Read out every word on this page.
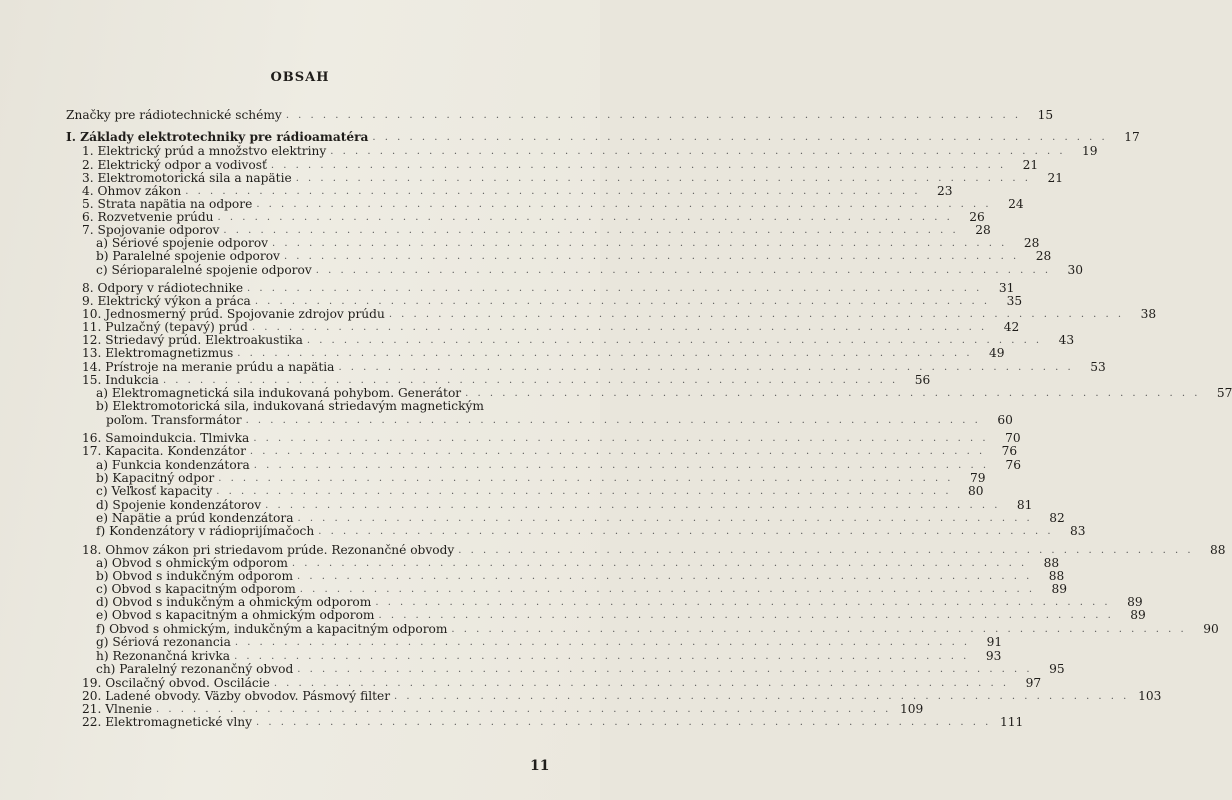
OBSAH
Značky pre rádiotechnické schémy . . . . . . . . . . . . . . . . . . . . . . . . . . . . . . . . . . . . . . . . . . . . . . . . . . . . . . . . . . . .	15
I. Základy elektrotechniky pre rádioamatéra . . . . . . . . . . . . . . . . . . . . . . . . . . . . . . . . . . . . . . . . . . . . . . . . . . . . . . . . . . . .	17
1. Elektrický prúd a množstvo elektriny . . . . . . . . . . . . . . . . . . . . . . . . . . . . . . . . . . . . . . . . . . . . . . . . . . . . . . . . . . . .	19
2. Elektrický odpor a vodivosť . . . . . . . . . . . . . . . . . . . . . . . . . . . . . . . . . . . . . . . . . . . . . . . . . . . . . . . . . . . .	21
3. Elektromotorická sila a napätie . . . . . . . . . . . . . . . . . . . . . . . . . . . . . . . . . . . . . . . . . . . . . . . . . . . . . . . . . . . .	21
4. Ohmov zákon . . . . . . . . . . . . . . . . . . . . . . . . . . . . . . . . . . . . . . . . . . . . . . . . . . . . . . . . . . . .	23
5. Strata napätia na odpore . . . . . . . . . . . . . . . . . . . . . . . . . . . . . . . . . . . . . . . . . . . . . . . . . . . . . . . . . . . .	24
6. Rozvetvenie prúdu . . . . . . . . . . . . . . . . . . . . . . . . . . . . . . . . . . . . . . . . . . . . . . . . . . . . . . . . . . . .	26
7. Spojovanie odporov . . . . . . . . . . . . . . . . . . . . . . . . . . . . . . . . . . . . . . . . . . . . . . . . . . . . . . . . . . . .	28
a) Sériové spojenie odporov . . . . . . . . . . . . . . . . . . . . . . . . . . . . . . . . . . . . . . . . . . . . . . . . . . . . . . . . . . . .	28
b) Paralelné spojenie odporov . . . . . . . . . . . . . . . . . . . . . . . . . . . . . . . . . . . . . . . . . . . . . . . . . . . . . . . . . . . .	28
c) Sérioparalelné spojenie odporov . . . . . . . . . . . . . . . . . . . . . . . . . . . . . . . . . . . . . . . . . . . . . . . . . . . . . . . . . . . .	30
8. Odpory v rádiotechnike . . . . . . . . . . . . . . . . . . . . . . . . . . . . . . . . . . . . . . . . . . . . . . . . . . . . . . . . . . . .	31
9. Elektrický výkon a práca . . . . . . . . . . . . . . . . . . . . . . . . . . . . . . . . . . . . . . . . . . . . . . . . . . . . . . . . . . . .	35
10. Jednosmerný prúd. Spojovanie zdrojov prúdu . . . . . . . . . . . . . . . . . . . . . . . . . . . . . . . . . . . . . . . . . . . . . . . . . . . . . . . . . . . .	38
11. Pulzačný (tepavý) prúd . . . . . . . . . . . . . . . . . . . . . . . . . . . . . . . . . . . . . . . . . . . . . . . . . . . . . . . . . . . .	42
12. Striedavý prúd. Elektroakustika . . . . . . . . . . . . . . . . . . . . . . . . . . . . . . . . . . . . . . . . . . . . . . . . . . . . . . . . . . . .	43
13. Elektromagnetizmus . . . . . . . . . . . . . . . . . . . . . . . . . . . . . . . . . . . . . . . . . . . . . . . . . . . . . . . . . . . .	49
14. Prístroje na meranie prúdu a napätia . . . . . . . . . . . . . . . . . . . . . . . . . . . . . . . . . . . . . . . . . . . . . . . . . . . . . . . . . . . .	53
15. Indukcia . . . . . . . . . . . . . . . . . . . . . . . . . . . . . . . . . . . . . . . . . . . . . . . . . . . . . . . . . . . .	56
a) Elektromagnetická sila indukovaná pohybom. Generátor . . . . . . . . . . . . . . . . . . . . . . . . . . . . . . . . . . . . . . . . . . . . . . . . . . . . . . . . . . . .	57
b) Elektromotorická sila, indukovaná striedavým magnetickým
poľom. Transformátor . . . . . . . . . . . . . . . . . . . . . . . . . . . . . . . . . . . . . . . . . . . . . . . . . . . . . . . . . . . .	60
16. Samoindukcia. Tlmivka . . . . . . . . . . . . . . . . . . . . . . . . . . . . . . . . . . . . . . . . . . . . . . . . . . . . . . . . . . . .	70
17. Kapacita. Kondenzátor . . . . . . . . . . . . . . . . . . . . . . . . . . . . . . . . . . . . . . . . . . . . . . . . . . . . . . . . . . . .	76
a) Funkcia kondenzátora . . . . . . . . . . . . . . . . . . . . . . . . . . . . . . . . . . . . . . . . . . . . . . . . . . . . . . . . . . . .	76
b) Kapacitný odpor . . . . . . . . . . . . . . . . . . . . . . . . . . . . . . . . . . . . . . . . . . . . . . . . . . . . . . . . . . . .	79
c) Veľkosť kapacity . . . . . . . . . . . . . . . . . . . . . . . . . . . . . . . . . . . . . . . . . . . . . . . . . . . . . . . . . . . .	80
d) Spojenie kondenzátorov . . . . . . . . . . . . . . . . . . . . . . . . . . . . . . . . . . . . . . . . . . . . . . . . . . . . . . . . . . . .	81
e) Napätie a prúd kondenzátora . . . . . . . . . . . . . . . . . . . . . . . . . . . . . . . . . . . . . . . . . . . . . . . . . . . . . . . . . . . .	82
f) Kondenzátory v rádioprijímačoch . . . . . . . . . . . . . . . . . . . . . . . . . . . . . . . . . . . . . . . . . . . . . . . . . . . . . . . . . . . .	83
18. Ohmov zákon pri striedavom prúde. Rezonančné obvody . . . . . . . . . . . . . . . . . . . . . . . . . . . . . . . . . . . . . . . . . . . . . . . . . . . . . . . . . . . .	88
a) Obvod s ohmickým odporom . . . . . . . . . . . . . . . . . . . . . . . . . . . . . . . . . . . . . . . . . . . . . . . . . . . . . . . . . . . .	88
b) Obvod s indukčným odporom . . . . . . . . . . . . . . . . . . . . . . . . . . . . . . . . . . . . . . . . . . . . . . . . . . . . . . . . . . . .	88
c) Obvod s kapacitným odporom . . . . . . . . . . . . . . . . . . . . . . . . . . . . . . . . . . . . . . . . . . . . . . . . . . . . . . . . . . . .	89
d) Obvod s indukčným a ohmickým odporom . . . . . . . . . . . . . . . . . . . . . . . . . . . . . . . . . . . . . . . . . . . . . . . . . . . . . . . . . . . .	89
e) Obvod s kapacitným a ohmickým odporom . . . . . . . . . . . . . . . . . . . . . . . . . . . . . . . . . . . . . . . . . . . . . . . . . . . . . . . . . . . .	89
f) Obvod s ohmickým, indukčným a kapacitným odporom . . . . . . . . . . . . . . . . . . . . . . . . . . . . . . . . . . . . . . . . . . . . . . . . . . . . . . . . . . . .	90
g) Sériová rezonancia . . . . . . . . . . . . . . . . . . . . . . . . . . . . . . . . . . . . . . . . . . . . . . . . . . . . . . . . . . . .	91
h) Rezonančná krivka . . . . . . . . . . . . . . . . . . . . . . . . . . . . . . . . . . . . . . . . . . . . . . . . . . . . . . . . . . . .	93
ch) Paralelný rezonančný obvod . . . . . . . . . . . . . . . . . . . . . . . . . . . . . . . . . . . . . . . . . . . . . . . . . . . . . . . . . . . .	95
19. Oscilačný obvod. Oscilácie . . . . . . . . . . . . . . . . . . . . . . . . . . . . . . . . . . . . . . . . . . . . . . . . . . . . . . . . . . . .	97
20. Ladené obvody. Väzby obvodov. Pásmový filter . . . . . . . . . . . . . . . . . . . . . . . . . . . . . . . . . . . . . . . . . . . . . . . . . . . . . . . . . . . . 103
21. Vlnenie . . . . . . . . . . . . . . . . . . . . . . . . . . . . . . . . . . . . . . . . . . . . . . . . . . . . . . . . . . . . 109
22. Elektromagnetické vlny . . . . . . . . . . . . . . . . . . . . . . . . . . . . . . . . . . . . . . . . . . . . . . . . . . . . . . . . . . . . 111
11
